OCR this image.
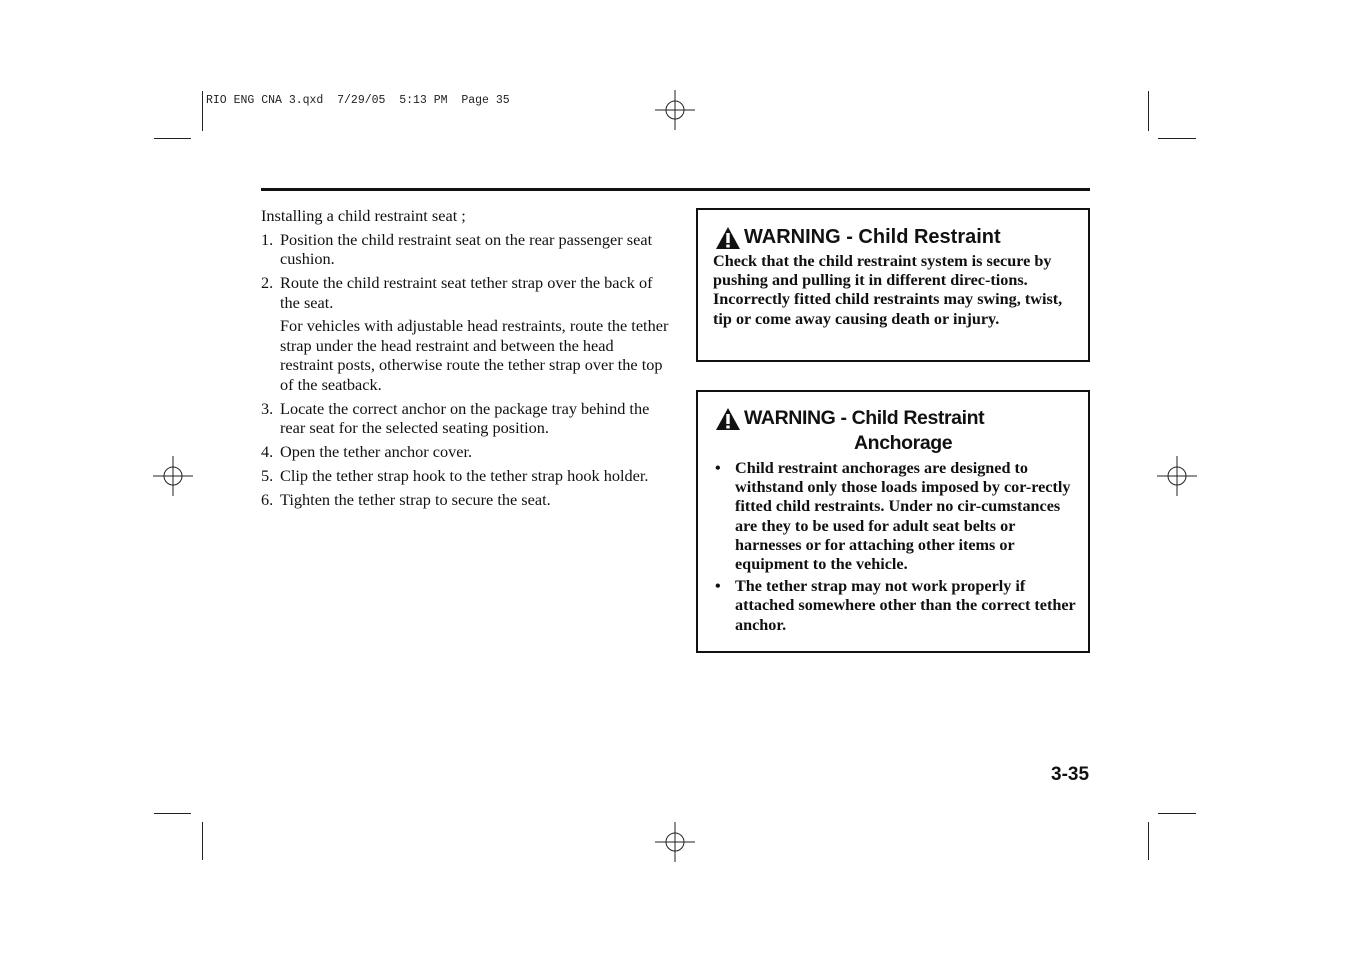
RIO ENG CNA 3.qxd  7/29/05  5:13 PM  Page 35

Installing a child restraint seat ;

1. Position the child restraint seat on the rear passenger seat cushion.
2. Route the child restraint seat tether strap over the back of the seat.

For vehicles with adjustable head restraints, route the tether strap under the head restraint and between the head restraint posts, otherwise route the tether strap over the top of the seatback.

3. Locate the correct anchor on the package tray behind the rear seat for the selected seating position.
4. Open the tether anchor cover.
5. Clip the tether strap hook to the tether strap hook holder.
6. Tighten the tether strap to secure the seat.
WARNING - Child Restraint
Check that the child restraint system is secure by pushing and pulling it in different direc-tions. Incorrectly fitted child restraints may swing, twist, tip or come away causing death or injury.
WARNING - Child Restraint
Anchorage
• Child restraint anchorages are designed to withstand only those loads imposed by cor-rectly fitted child restraints. Under no cir-cumstances are they to be used for adult seat belts or harnesses or for attaching other items or equipment to the vehicle.
• The tether strap may not work properly if attached somewhere other than the correct tether anchor.
3-35
